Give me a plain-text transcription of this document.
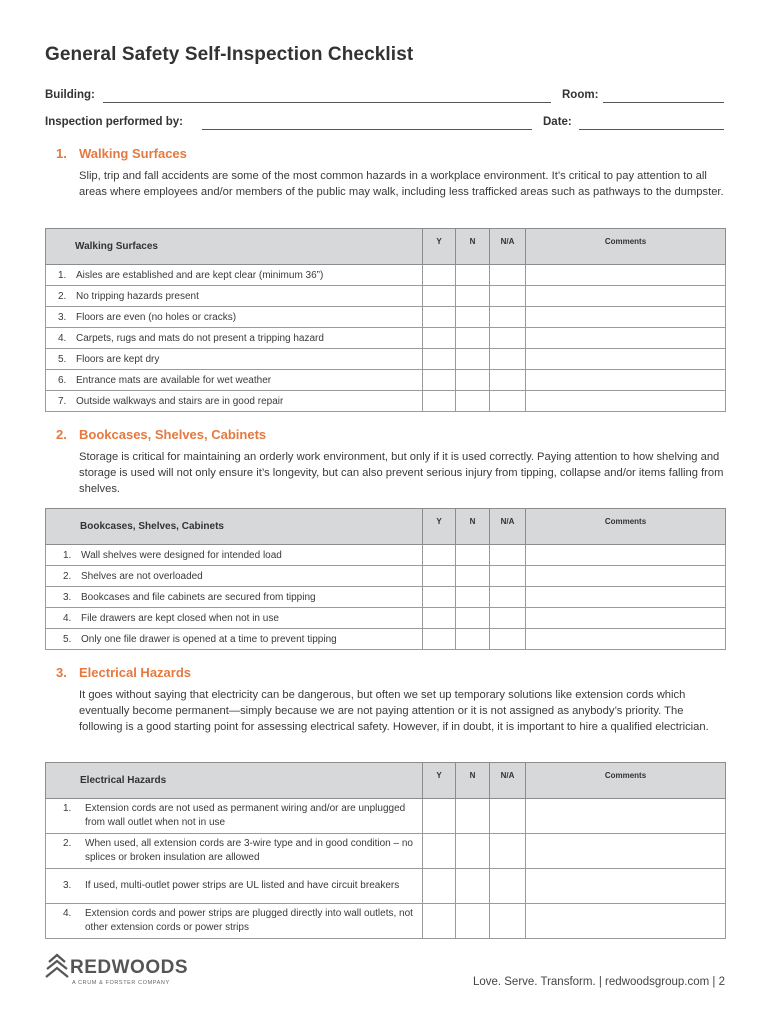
General Safety Self-Inspection Checklist
Building:	Room:
Inspection performed by:	Date:
1. Walking Surfaces

Slip, trip and fall accidents are some of the most common hazards in a workplace environment. It’s critical to pay attention to all areas where employees and/or members of the public may walk, including less trafficked areas such as pathways to the dumpster.

Walking Surfaces	Y	N	N/A	Comments
1. Aisles are established and are kept clear (minimum 36”)				
2. No tripping hazards present				
3. Floors are even (no holes or cracks)				
4. Carpets, rugs and mats do not present a tripping hazard				
5. Floors are kept dry				
6. Entrance mats are available for wet weather				
7. Outside walkways and stairs are in good repair				
2. Bookcases, Shelves, Cabinets

Storage is critical for maintaining an orderly work environment, but only if it is used correctly. Paying attention to how shelving and storage is used will not only ensure it’s longevity, but can also prevent serious injury from tipping, collapse and/or items falling from shelves.

Bookcases, Shelves, Cabinets	Y	N	N/A	Comments
1. Wall shelves were designed for intended load				
2. Shelves are not overloaded				
3. Bookcases and file cabinets are secured from tipping				
4. File drawers are kept closed when not in use				
5. Only one file drawer is opened at a time to prevent tipping				
3. Electrical Hazards

It goes without saying that electricity can be dangerous, but often we set up temporary solutions like extension cords which eventually become permanent—simply because we are not paying attention or it is not assigned as anybody’s priority. The following is a good starting point for assessing electrical safety. However, if in doubt, it is important to hire a qualified electrician.

Electrical Hazards	Y	N	N/A	Comments

1. Extension cords are not used as permanent wiring and/or are unplugged from wall outlet when not in use				

2. When used, all extension cords are 3-wire type and in good condition – no splices or broken insulation are allowed				

3. If used, multi-outlet power strips are UL listed and have circuit breakers				

4. Extension cords and power strips are plugged directly into wall outlets, not other extension cords or power strips				

REDWOODS
A CRUM & FORSTER COMPANY	Love. Serve. Transform. | redwoodsgroup.com | 2
